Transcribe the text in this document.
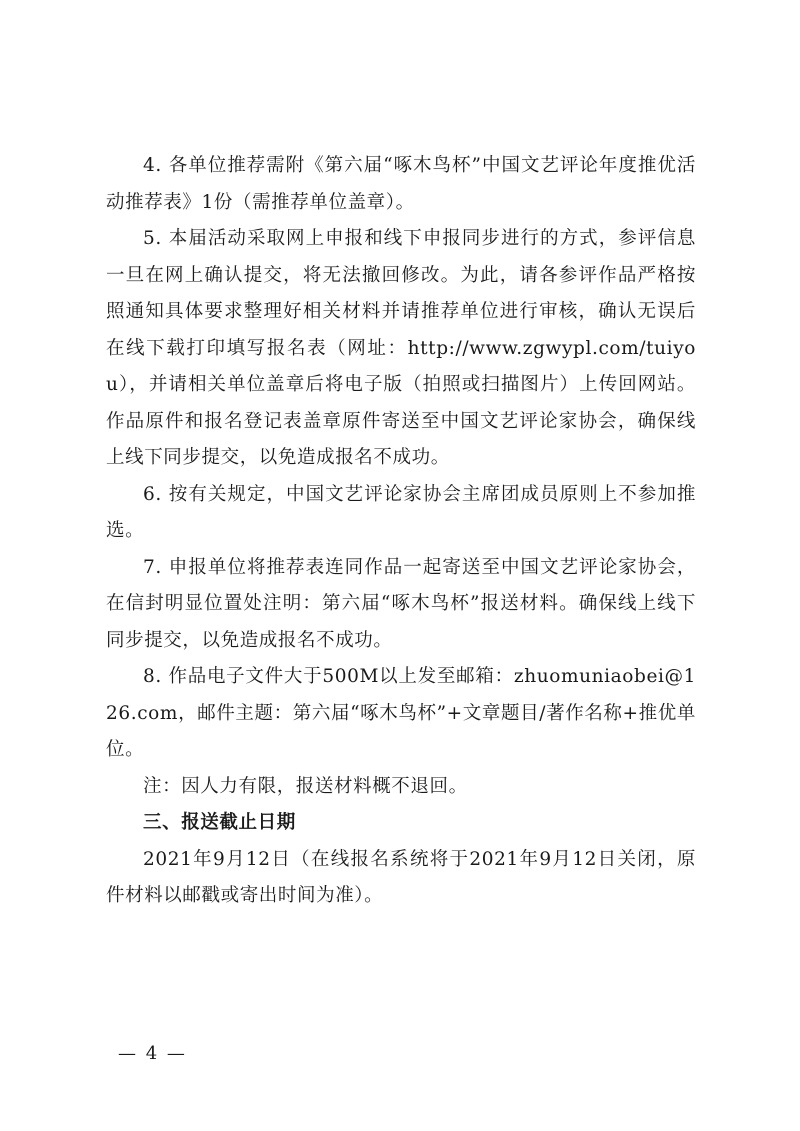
4. 各单位推荐需附《第六届“啄木鸟杯”中国文艺评论年度推优活动推荐表》1份（需推荐单位盖章）。

5. 本届活动采取网上申报和线下申报同步进行的方式，参评信息一旦在网上确认提交，将无法撤回修改。为此，请各参评作品严格按照通知具体要求整理好相关材料并请推荐单位进行审核，确认无误后在线下载打印填写报名表（网址：http://www.zgwypl.com/tuiyou），并请相关单位盖章后将电子版（拍照或扫描图片）上传回网站。作品原件和报名登记表盖章原件寄送至中国文艺评论家协会，确保线上线下同步提交，以免造成报名不成功。

6. 按有关规定，中国文艺评论家协会主席团成员原则上不参加推选。

7. 申报单位将推荐表连同作品一起寄送至中国文艺评论家协会，在信封明显位置处注明：第六届“啄木鸟杯”报送材料。确保线上线下同步提交，以免造成报名不成功。

8. 作品电子文件大于500M以上发至邮箱：zhuomuniaobei@126.com，邮件主题：第六届“啄木鸟杯”+文章题目/著作名称+推优单位。

注：因人力有限，报送材料概不退回。

三、报送截止日期

2021年9月12日（在线报名系统将于2021年9月12日关闭，原件材料以邮戳或寄出时间为准）。

— 4 —
